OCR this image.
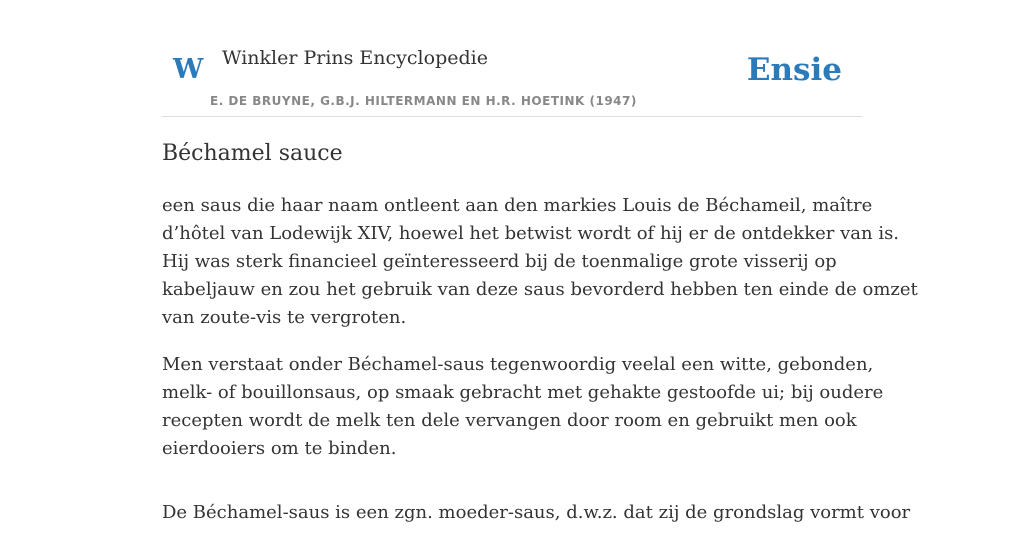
W Winkler Prins Encyclopedie
E. DE BRUYNE, G.B.J. HILTERMANN EN H.R. HOETINK (1947)
Ensie
Béchamel sauce

een saus die haar naam ontleent aan den markies Louis de Béchameil, maître
d’hôtel van Lodewijk XIV, hoewel het betwist wordt of hij er de ontdekker van is.
Hij was sterk financieel geïnteresseerd bij de toenmalige grote visserij op
kabeljauw en zou het gebruik van deze saus bevorderd hebben ten einde de omzet
van zoute-vis te vergroten.

Men verstaat onder Béchamel-saus tegenwoordig veelal een witte, gebonden,
melk- of bouillonsaus, op smaak gebracht met gehakte gestoofde ui; bij oudere
recepten wordt de melk ten dele vervangen door room en gebruikt men ook
eierdooiers om te binden.

De Béchamel-saus is een zgn. moeder-saus, d.w.z. dat zij de grondslag vormt voor
